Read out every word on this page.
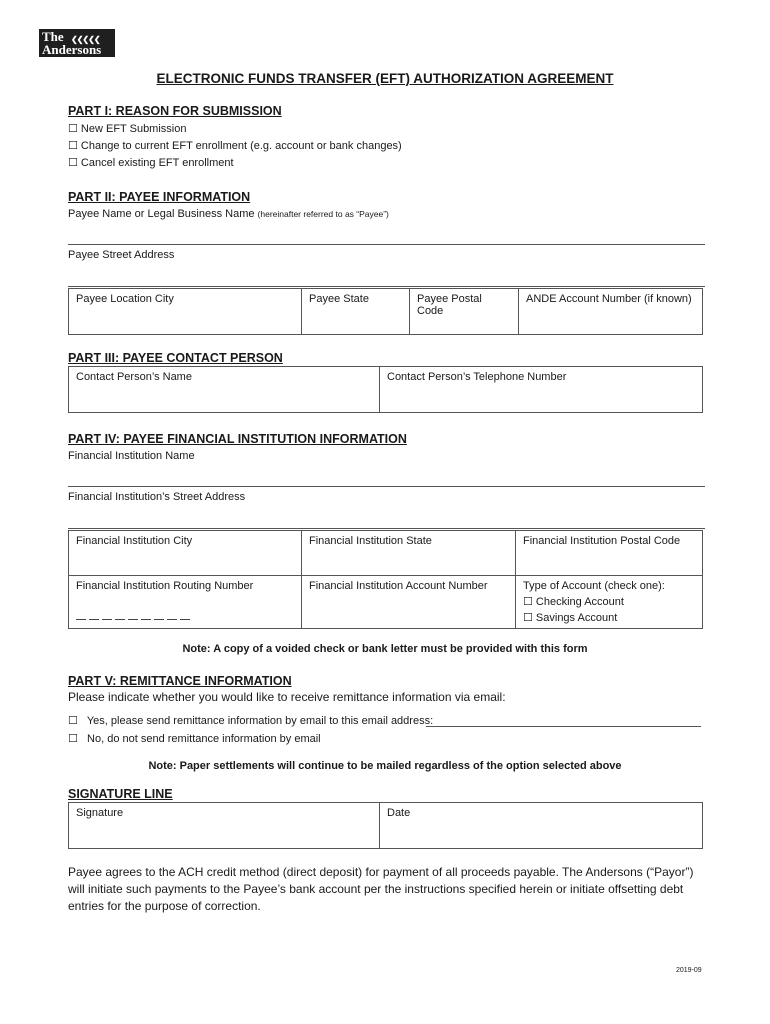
The ❮❮❮❮❮
Andersons
ELECTRONIC FUNDS TRANSFER (EFT) AUTHORIZATION AGREEMENT
PART I: REASON FOR SUBMISSION
☐ New EFT Submission
☐ Change to current EFT enrollment (e.g. account or bank changes)
☐ Cancel existing EFT enrollment
PART II: PAYEE INFORMATION
Payee Name or Legal Business Name (hereinafter referred to as “Payee”)
Payee Street Address
Payee Location City	Payee State	Payee Postal Code	ANDE Account Number (if known)
PART III: PAYEE CONTACT PERSON
Contact Person’s Name	Contact Person’s Telephone Number
PART IV: PAYEE FINANCIAL INSTITUTION INFORMATION
Financial Institution Name
Financial Institution’s Street Address
Financial Institution City	Financial Institution State	Financial Institution Postal Code

Financial Institution Routing Number	Financial Institution Account Number	Type of Account (check one):
☐ Checking Account
☐ Savings Account
Note: A copy of a voided check or bank letter must be provided with this form
PART V: REMITTANCE INFORMATION
Please indicate whether you would like to receive remittance information via email:
☐ Yes, please send remittance information by email to this email address:
☐ No, do not send remittance information by email
Note: Paper settlements will continue to be mailed regardless of the option selected above
SIGNATURE LINE
Signature	Date
Payee agrees to the ACH credit method (direct deposit) for payment of all proceeds payable. The Andersons (“Payor”) will initiate such payments to the Payee’s bank account per the instructions specified herein or initiate offsetting debt entries for the purpose of correction.
2019-09
